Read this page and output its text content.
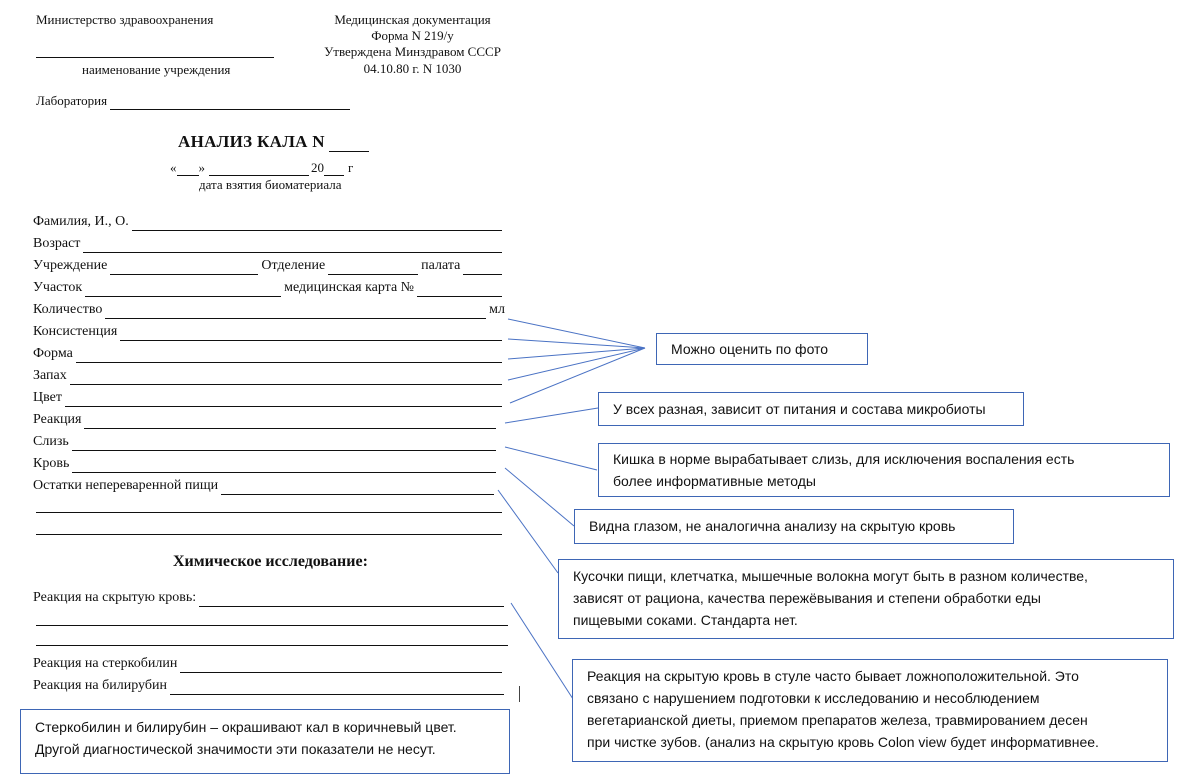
Министерство здравоохранения
наименование учреждения
Медицинская документация
Форма N 219/у
Утверждена Минздравом СССР
04.10.80 г. N 1030
Лаборатория
АНАЛИЗ КАЛА N
« »	20 г
дата взятия биоматериала
Фамилия, И., О.
Возраст
Учреждение	Отделение	палата
Участок	медицинская карта №
Количество	мл
Консистенция
Форма
Запах
Цвет
Реакция
Слизь
Кровь
Остатки непереваренной пищи
Химическое исследование:
Реакция на скрытую кровь:
Реакция на стеркобилин
Реакция на билирубин
Можно оценить по фото
У всех разная, зависит от питания и состава микробиоты
Кишка в норме вырабатывает слизь, для исключения воспаления есть
более информативные методы
Видна глазом, не аналогична анализу на скрытую кровь
Кусочки пищи, клетчатка, мышечные волокна могут быть в разном количестве,
зависят от рациона, качества пережёвывания и степени обработки еды
пищевыми соками. Стандарта нет.
Реакция на скрытую кровь в стуле часто бывает ложноположительной. Это
связано с нарушением подготовки к исследованию и несоблюдением
вегетарианской диеты, приемом препаратов железа, травмированием десен
при чистке зубов. (анализ на скрытую кровь Colon view будет информативнее.
Стеркобилин и билирубин – окрашивают кал в коричневый цвет.
Другой диагностической значимости эти показатели не несут.
